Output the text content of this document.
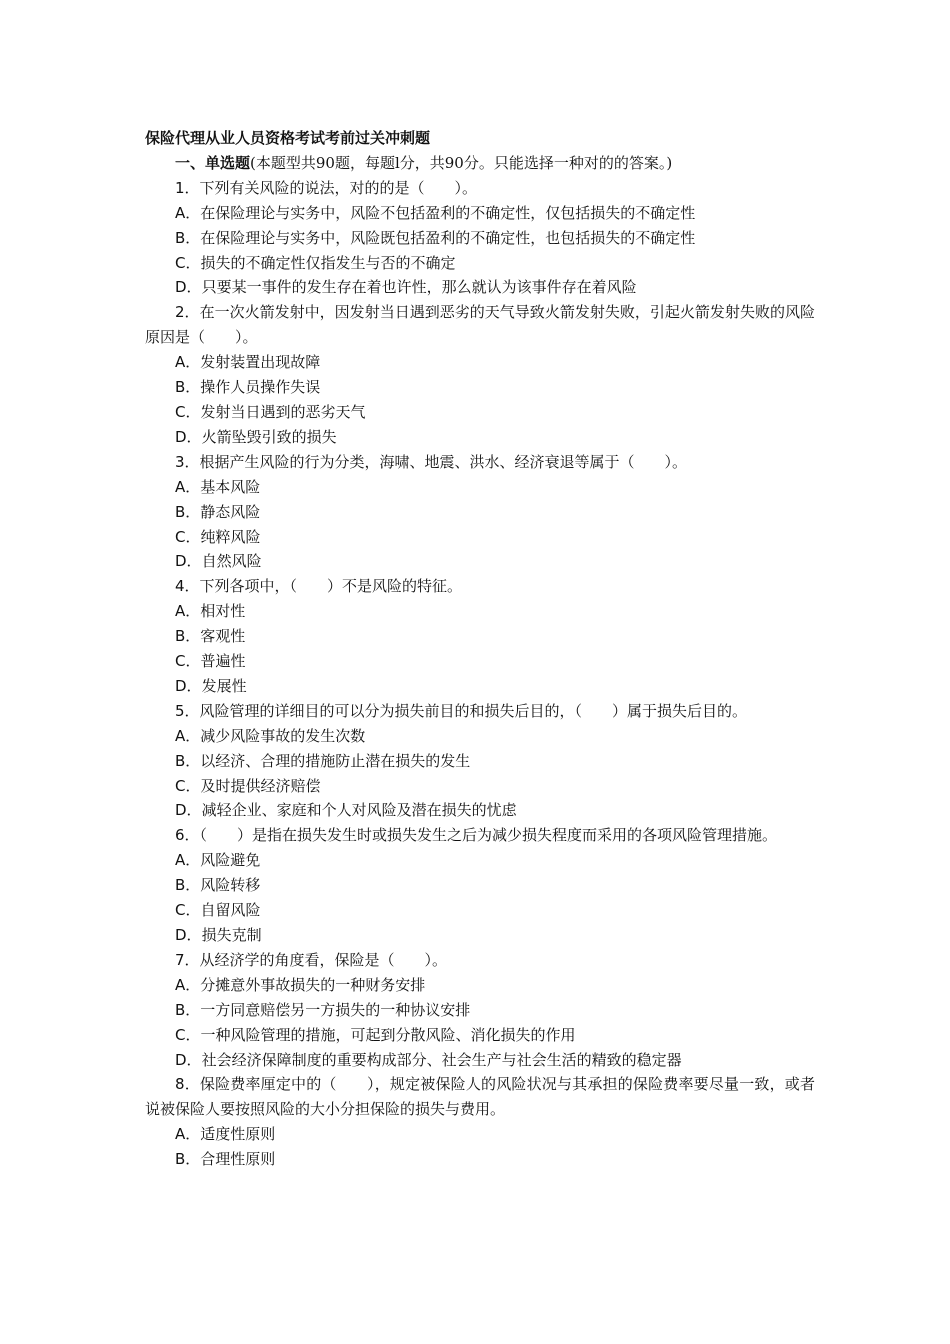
保险代理从业人员资格考试考前过关冲刺题
一、单选题(本题型共90题，每题l分，共90分。只能选择一种对的的答案。)
1．下列有关风险的说法，对的的是（　　）。
A．在保险理论与实务中，风险不包括盈利的不确定性，仅包括损失的不确定性
B．在保险理论与实务中，风险既包括盈利的不确定性，也包括损失的不确定性
C．损失的不确定性仅指发生与否的不确定
D．只要某一事件的发生存在着也许性，那么就认为该事件存在着风险
2．在一次火箭发射中，因发射当日遇到恶劣的天气导致火箭发射失败，引起火箭发射失败的风险原因是（　　）。
A．发射装置出现故障
B．操作人员操作失误
C．发射当日遇到的恶劣天气
D．火箭坠毁引致的损失
3．根据产生风险的行为分类，海啸、地震、洪水、经济衰退等属于（　　）。
A．基本风险
B．静态风险
C．纯粹风险
D．自然风险
4．下列各项中，（　　）不是风险的特征。
A．相对性
B．客观性
C．普遍性
D．发展性
5．风险管理的详细目的可以分为损失前目的和损失后目的，（　　）属于损失后目的。
A．减少风险事故的发生次数
B．以经济、合理的措施防止潜在损失的发生
C．及时提供经济赔偿
D．减轻企业、家庭和个人对风险及潜在损失的忧虑
6．（　　）是指在损失发生时或损失发生之后为减少损失程度而采用的各项风险管理措施。
A．风险避免
B．风险转移
C．自留风险
D．损失克制
7．从经济学的角度看，保险是（　　）。
A．分摊意外事故损失的一种财务安排
B．一方同意赔偿另一方损失的一种协议安排
C．一种风险管理的措施，可起到分散风险、消化损失的作用
D．社会经济保障制度的重要构成部分、社会生产与社会生活的精致的稳定器
8．保险费率厘定中的（　　），规定被保险人的风险状况与其承担的保险费率要尽量一致，或者说被保险人要按照风险的大小分担保险的损失与费用。
A．适度性原则
B．合理性原则
